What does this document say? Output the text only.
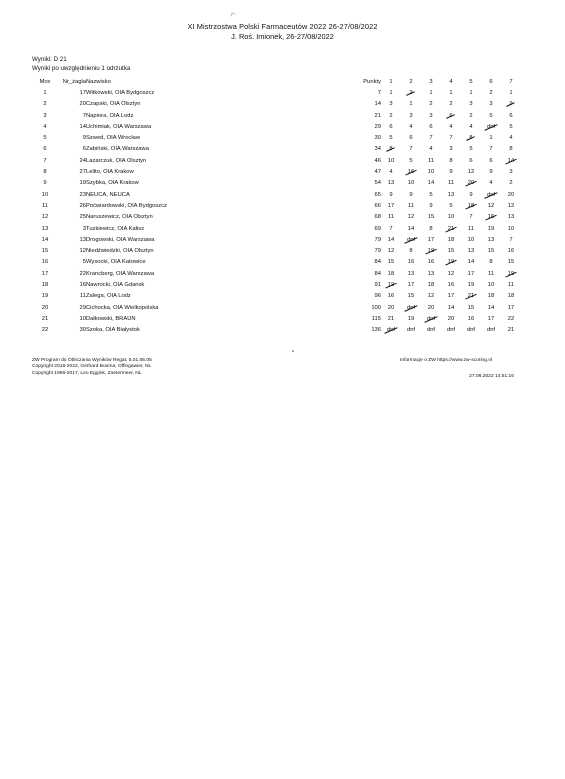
XI Mistrzostwa Polski Farmaceutów 2022 26-27/08/2022
J. Roś. Imionek, 26-27/08/2022
Wyniki: D 21
Wyniki po uwzględnieniu 1 odrzutka
Mce	Nr_żagla	Nazwisko	Punkty	1	2	3	4	5	6	7
1	17	Witkowski, OIA Bydgoszcz	7	1	2	1	1	1	2	1
2	20	Czapski, OIA Olsztyn	14	3	1	2	2	3	3	9
3	7	Napiora, OIA Lodz	21	2	3	3	6	2	5	6
4	14	Uchimiak, OIA Warszawa	29	6	4	6	4	4	dnf	5
5	9	Szwed, OIA Wrocław	30	5	6	7	7	8	1	4
6	6	Zabiński, OIA Warszawa	34	8	7	4	3	5	7	8
7	24	Lazarczuk, OIA Olsztyn	46	10	5	11	8	6	6	14
8	27	Lelito, OIA Krakow	47	4	16	10	9	12	9	3
9	19	Szybka, OIA Krakow	54	13	10	14	11	20	4	2
10	23	NEUCA, NEUCA	65	9	9	5	13	9	dnf	20
11	26	Poćwiardowski, OIA Bydgoszcz	66	17	11	9	5	18	12	12
12	25	Naruszewicz, OIA Olsztyn	68	11	12	15	10	7	16	13
13	3	Tuzkiewicz, OIA Kalisz	69	7	14	8	21	11	19	10
14	13	Drogowski, OIA Warszawa	79	14	dnf	17	18	10	13	7
15	12	Niedźwiedzki, OIA Olsztyn	79	12	8	19	15	13	15	16
16	5	Wysocki, OIA Katowice	84	15	16	16	19	14	8	15
17	22	Krancberg, OIA Warszawa	84	18	13	13	12	17	11	19
18	16	Nawrocki, OIA Gdansk	91	19	17	18	16	19	10	11
19	11	Zalega, OIA Lodz	96	16	15	12	17	21	18	18
20	29	Cichocka, OIA Wielkopolska	100	20	dnf	20	14	15	14	17
21	10	Dałkowski, BRAUN	115	21	19	dnf	20	16	17	22
22	30	Szoka, OIA Białystok	136	dnf	dnf	dnf	dnf	dnf	dnf	21
ZW Program do Obliczania Wyników Regat, 5.01.06.05
Copyright 2016-2022, Gerhard Bouma, Offingawier, NL
Copyright 1986-2017, Leo Eggink, Zoetermeer, NL
Informacje o ZW https://www.zw-scoring.nl
27.08.2022 14:51:16
